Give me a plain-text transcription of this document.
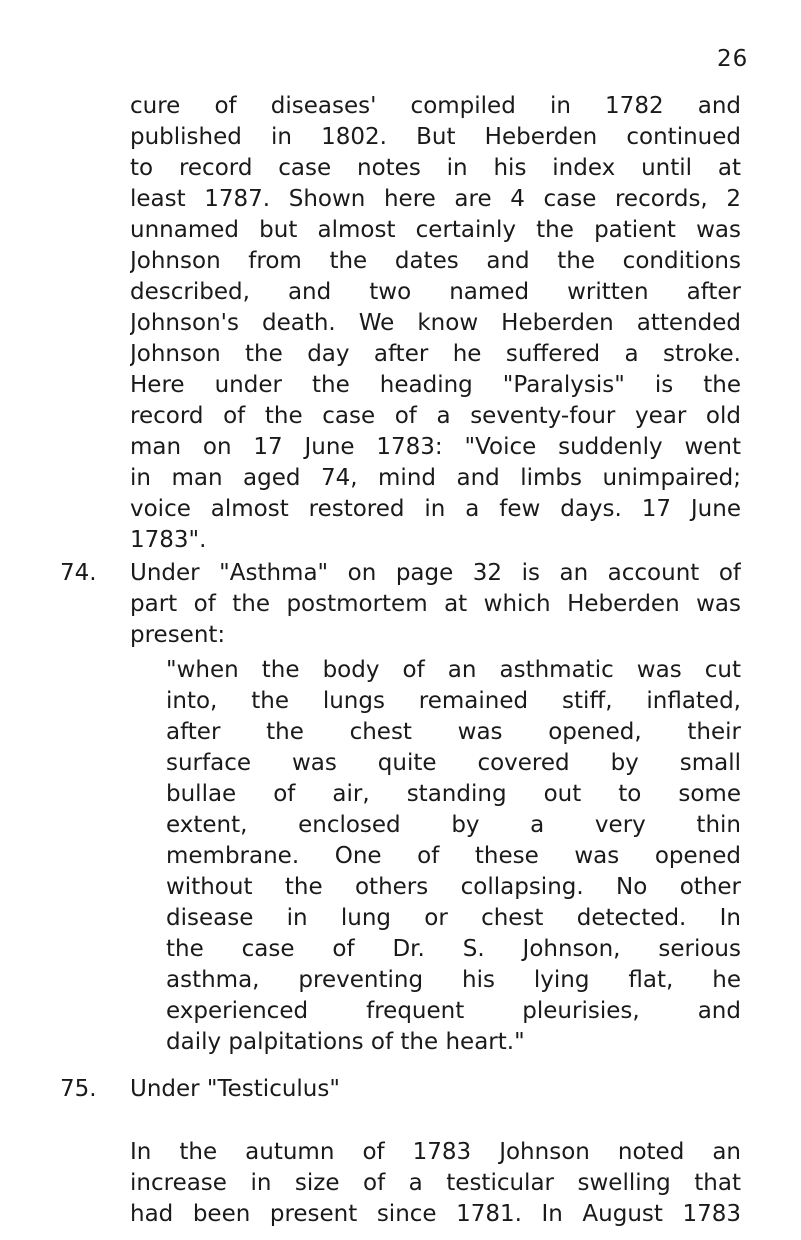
26
cure of diseases' compiled in 1782 and
published in 1802. But Heberden continued
to record case notes in his index until at
least 1787. Shown here are 4 case records, 2
unnamed but almost certainly the patient was
Johnson from the dates and the conditions
described, and two named written after
Johnson's death. We know Heberden attended
Johnson the day after he suffered a stroke.
Here under the heading "Paralysis" is the
record of the case of a seventy-four year old
man on 17 June 1783: "Voice suddenly went
in man aged 74, mind and limbs unimpaired;
voice almost restored in a few days. 17 June
1783".
74. Under "Asthma" on page 32 is an account of
part of the postmortem at which Heberden was
present:
"when the body of an asthmatic was cut
into, the lungs remained stiff, inflated,
after the chest was opened, their
surface was quite covered by small
bullae of air, standing out to some
extent, enclosed by a very thin
membrane. One of these was opened
without the others collapsing. No other
disease in lung or chest detected. In
the case of Dr. S. Johnson, serious
asthma, preventing his lying flat, he
experienced frequent pleurisies, and
daily palpitations of the heart."
75. Under "Testiculus"
In the autumn of 1783 Johnson noted an
increase in size of a testicular swelling that
had been present since 1781. In August 1783
